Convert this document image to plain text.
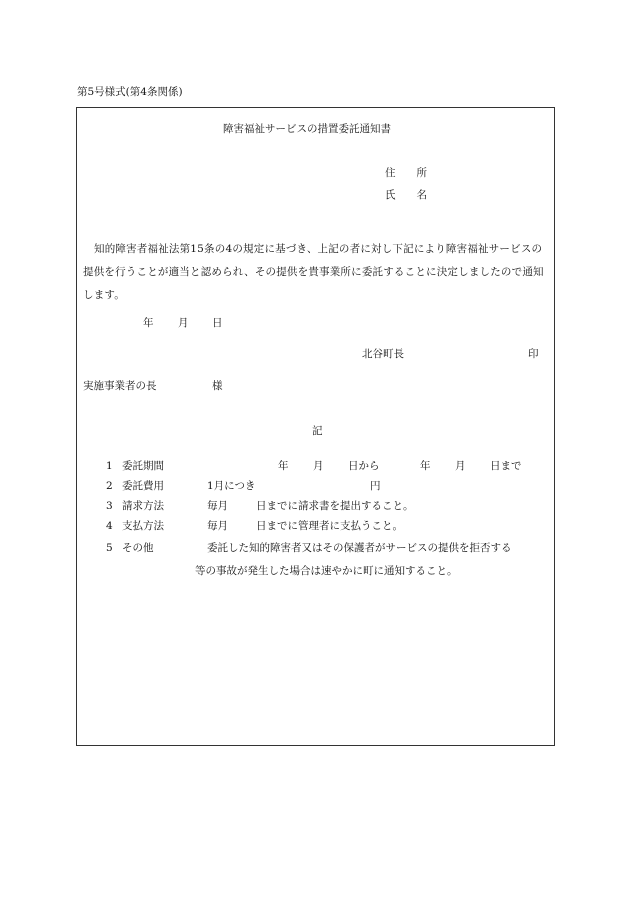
第5号様式(第4条関係)
障害福祉サービスの措置委託通知書
住　　所
氏　　名
知的障害者福祉法第15条の4の規定に基づき、上記の者に対し下記により障害福祉サービスの提供を行うことが適当と認められ、その提供を貴事業所に委託することに決定しましたので通知します。
年 月 日
北谷町長	印
実施事業者の長	様
記
1 委託期間	年 月 日から	年 月 日まで
2 委託費用	1月につき	円
3 請求方法	毎月	日までに請求書を提出すること。
4 支払方法	毎月	日までに管理者に支払うこと。
5 その他	委託した知的障害者又はその保護者がサービスの提供を拒否する
等の事故が発生した場合は速やかに町に通知すること。
